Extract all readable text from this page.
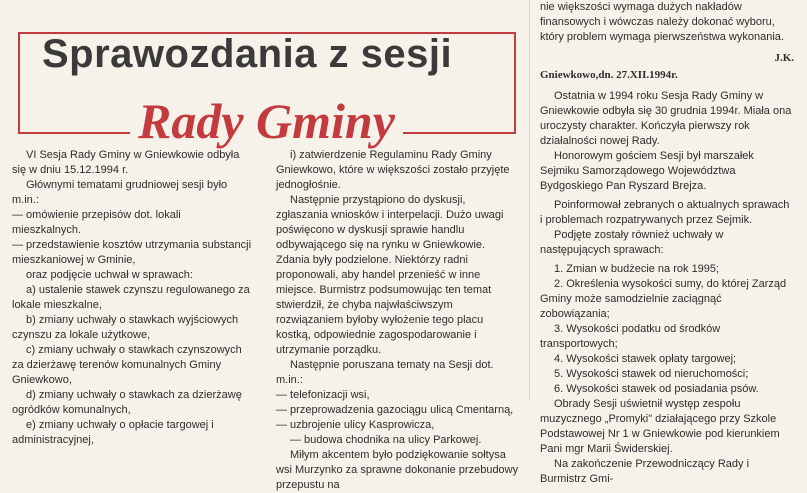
Sprawozdania z sesji
Rady Gminy

VI Sesja Rady Gminy w Gniewkowie odbyła się w dniu 15.12.1994 r.

Głównymi tematami grudniowej sesji było m.in.:

— omówienie przepisów dot. lokali mieszkalnych.

— przedstawienie kosztów utrzymania substancji mieszkaniowej w Gminie,

oraz podjęcie uchwał w sprawach:

a) ustalenie stawek czynszu regulowanego za lokale mieszkalne,

b) zmiany uchwały o stawkach wyjściowych czynszu za lokale użytkowe,

c) zmiany uchwały o stawkach czynszowych za dzierżawę terenów komunalnych Gminy Gniewkowo,

d) zmiany uchwały o stawkach za dzierżawę ogródków komunalnych,

e) zmiany uchwały o opłacie targowej i administracyjnej,

i) zatwierdzenie Regulaminu Rady Gminy Gniewkowo, które w większości zostało przyjęte jednogłośnie.

Następnie przystąpiono do dyskusji, zgłaszania wniosków i interpelacji. Dużo uwagi poświęcono w dyskusji sprawie handlu odbywającego się na rynku w Gniewkowie. Zdania były podzielone. Niektórzy radni proponowali, aby handel przenieść w inne miejsce. Burmistrz podsumowując ten temat stwierdził, że chyba najwłaściwszym rozwiązaniem byłoby wyłożenie tego placu kostką, odpowiednie zagospodarowanie i utrzymanie porządku.

Następnie poruszana tematy na Sesji dot. m.in.:

— telefonizacji wsi,

— przeprowadzenia gazociągu ulicą Cmentarną,

— uzbrojenie ulicy Kasprowicza,

— budowa chodnika na ulicy Parkowej.

Miłym akcentem było podziękowanie sołtysa wsi Murzynko za sprawne dokonanie przebudowy przepustu na

nie większości wymaga dużych nakładów finansowych i wówczas należy dokonać wyboru, który problem wymaga pierwszeństwa wykonania.

J.K.

Gniewkowo,dn. 27.XII.1994r.

Ostatnia w 1994 roku Sesja Rady Gminy w Gniewkowie odbyła się 30 grudnia 1994r. Miała ona uroczysty charakter. Kończyła pierwszy rok działalności nowej Rady.

Honorowym gościem Sesji był marszałek Sejmiku Samorządowego Województwa Bydgoskiego Pan Ryszard Brejza.

Poinformował zebranych o aktualnych sprawach i problemach rozpatrywanych przez Sejmik.

Podjęte zostały również uchwały w następujących sprawach:

1. Zmian w budżecie na rok 1995;

2. Określenia wysokości sumy, do której Zarząd Gminy może samodzielnie zaciągnąć zobowiązania;

3. Wysokości podatku od środków transportowych;

4. Wysokości stawek opłaty targowej;

5. Wysokości stawek od nieruchomości;

6. Wysokości stawek od posiadania psów.

Obrady Sesji uświetnił występ zespołu muzycznego „Promyki" działającego przy Szkole Podstawowej Nr 1 w Gniewkowie pod kierunkiem Pani mgr Marii Świderskiej.

Na zakończenie Przewodniczący Rady i Burmistrz Gmi-
